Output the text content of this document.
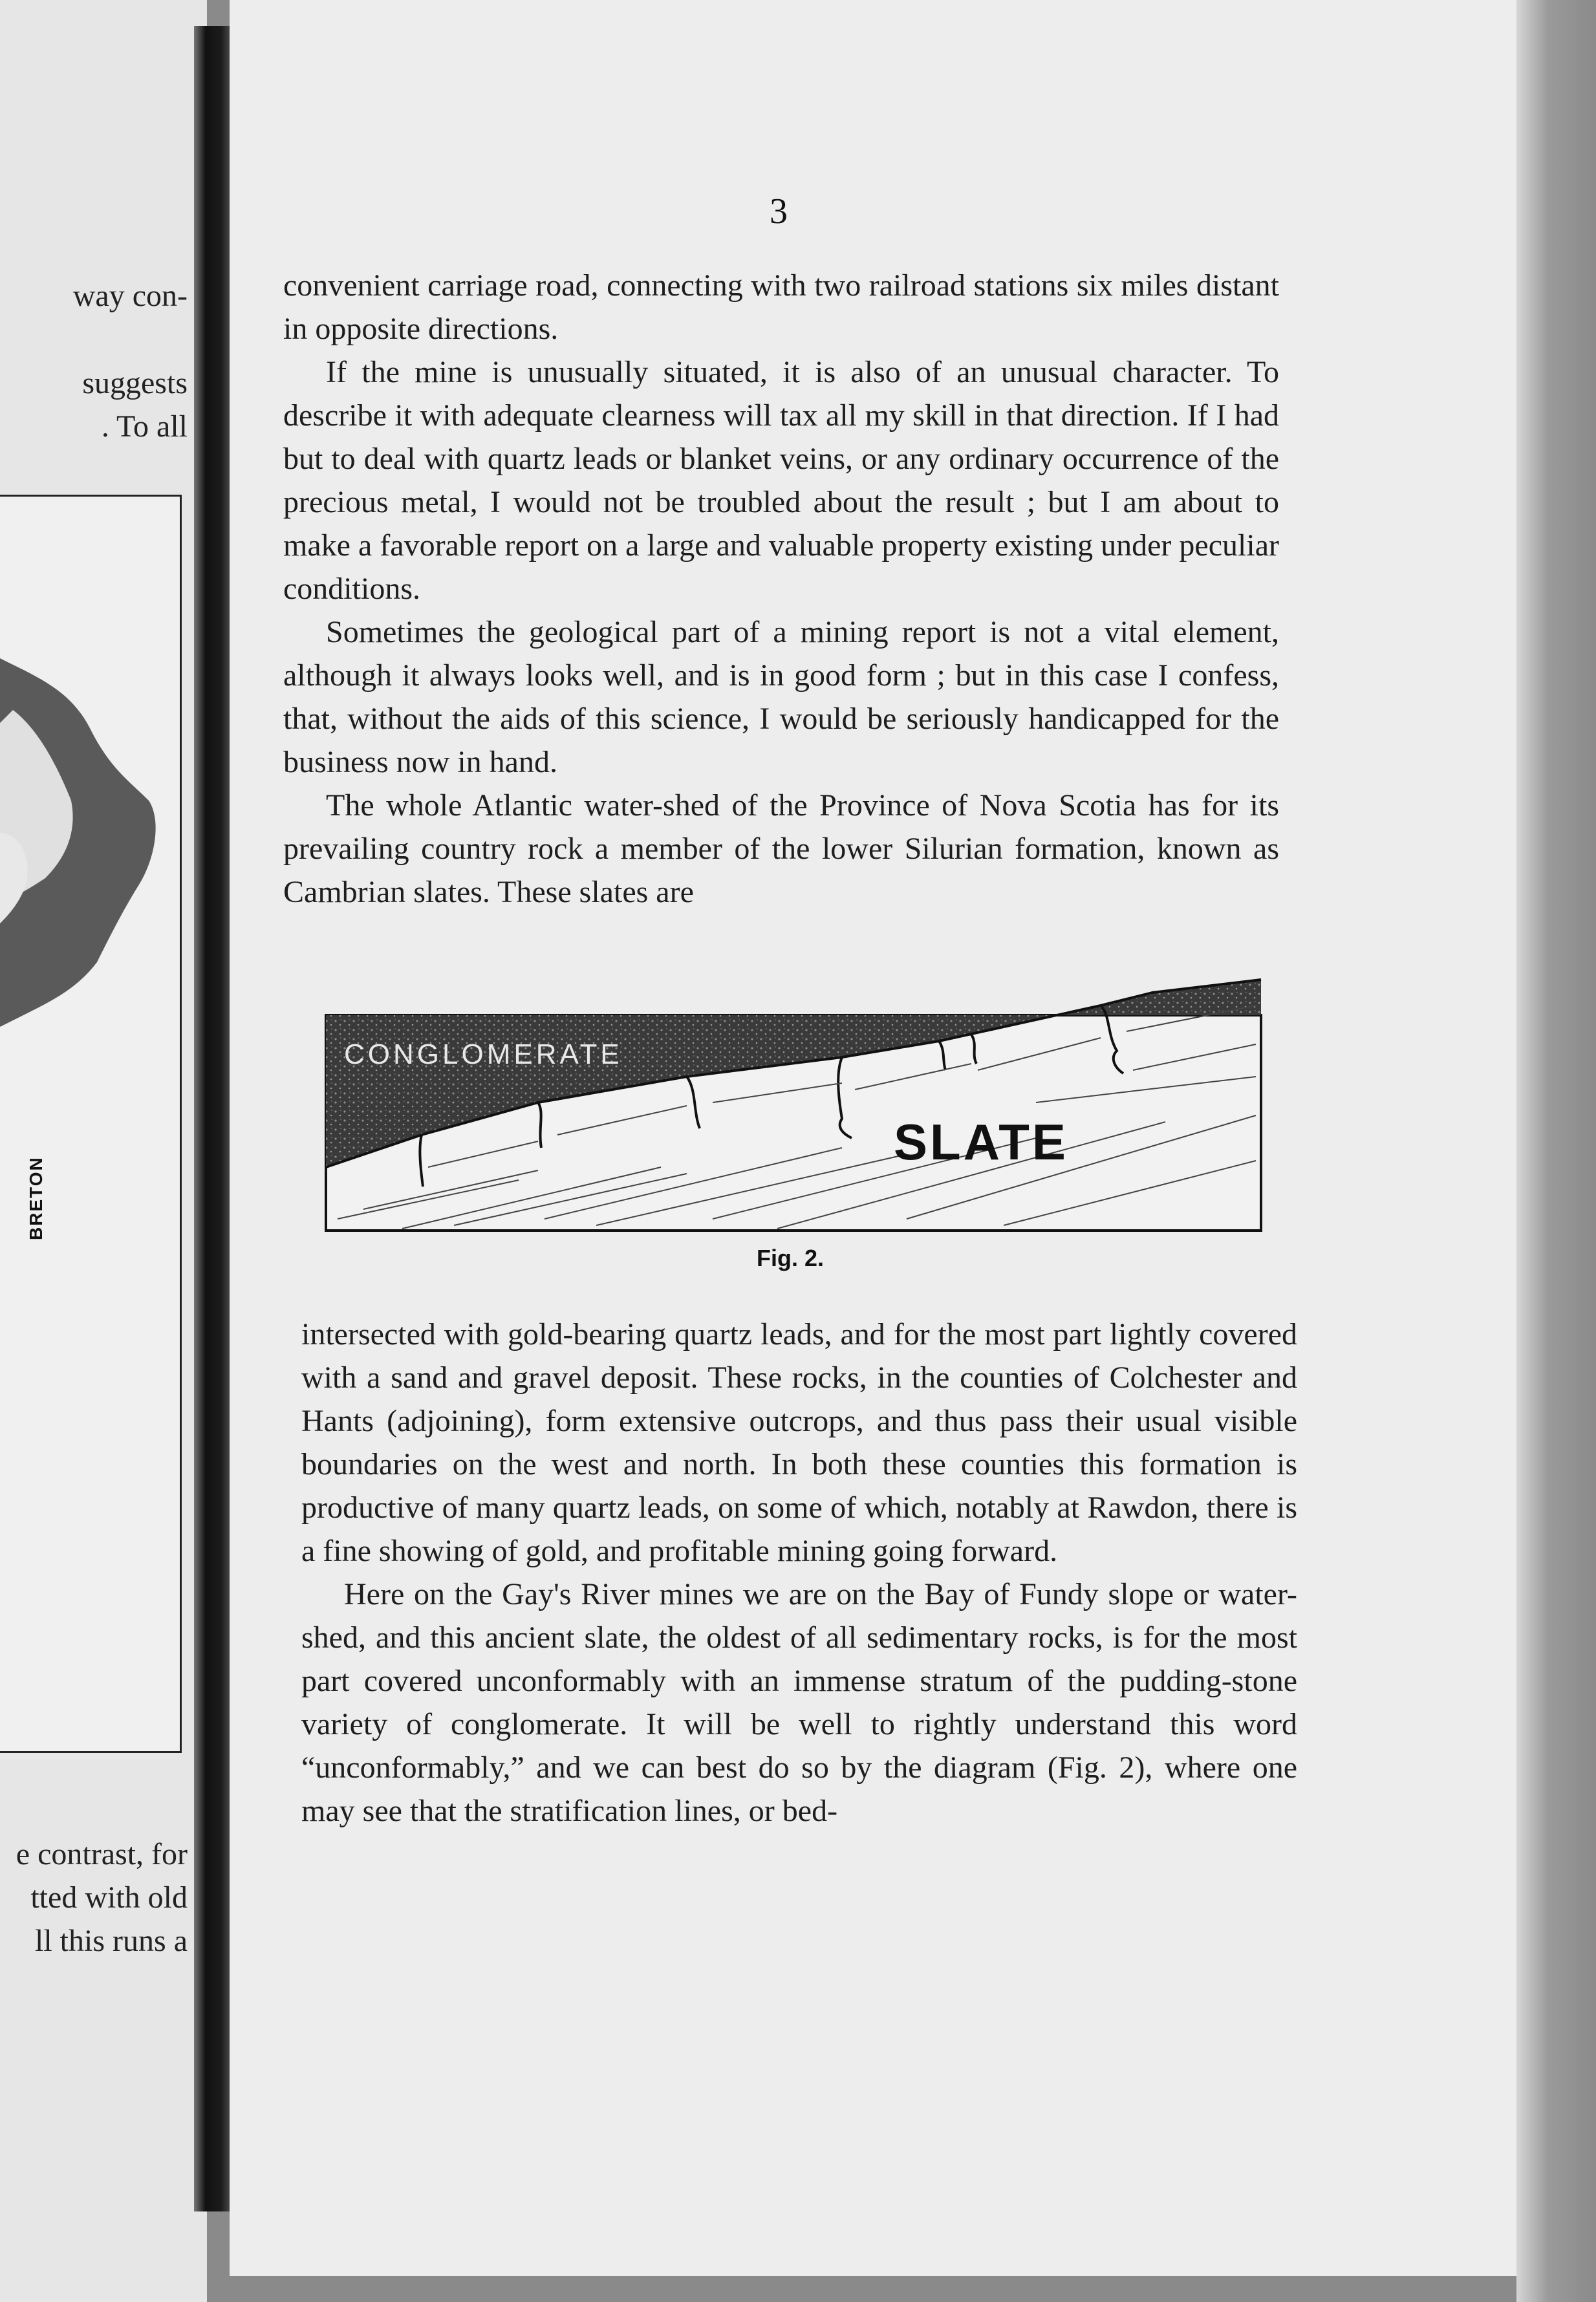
way con-
suggests
. To all
BRETON
e contrast, for
tted with old
ll this runs a
3

convenient carriage road, connecting with two railroad stations six miles distant in opposite directions.

If the mine is unusually situated, it is also of an unusual character. To describe it with adequate clearness will tax all my skill in that direction. If I had but to deal with quartz leads or blanket veins, or any ordinary occurrence of the precious metal, I would not be troubled about the result ; but I am about to make a favorable report on a large and valuable property existing under peculiar conditions.

Sometimes the geological part of a mining report is not a vital element, although it always looks well, and is in good form ; but in this case I confess, that, without the aids of this science, I would be seriously handicapped for the business now in hand.

The whole Atlantic water-shed of the Province of Nova Scotia has for its prevailing country rock a member of the lower Silurian formation, known as Cambrian slates. These slates are

CONGLOMERATE
SLATE
Fig. 2.

intersected with gold-bearing quartz leads, and for the most part lightly covered with a sand and gravel deposit. These rocks, in the counties of Colchester and Hants (adjoining), form extensive outcrops, and thus pass their usual visible boundaries on the west and north. In both these counties this formation is productive of many quartz leads, on some of which, notably at Rawdon, there is a fine showing of gold, and profitable mining going forward.

Here on the Gay's River mines we are on the Bay of Fundy slope or water-shed, and this ancient slate, the oldest of all sedimentary rocks, is for the most part covered unconformably with an immense stratum of the pudding-stone variety of conglomerate. It will be well to rightly understand this word “unconformably,” and we can best do so by the diagram (Fig. 2), where one may see that the stratification lines, or bed-
